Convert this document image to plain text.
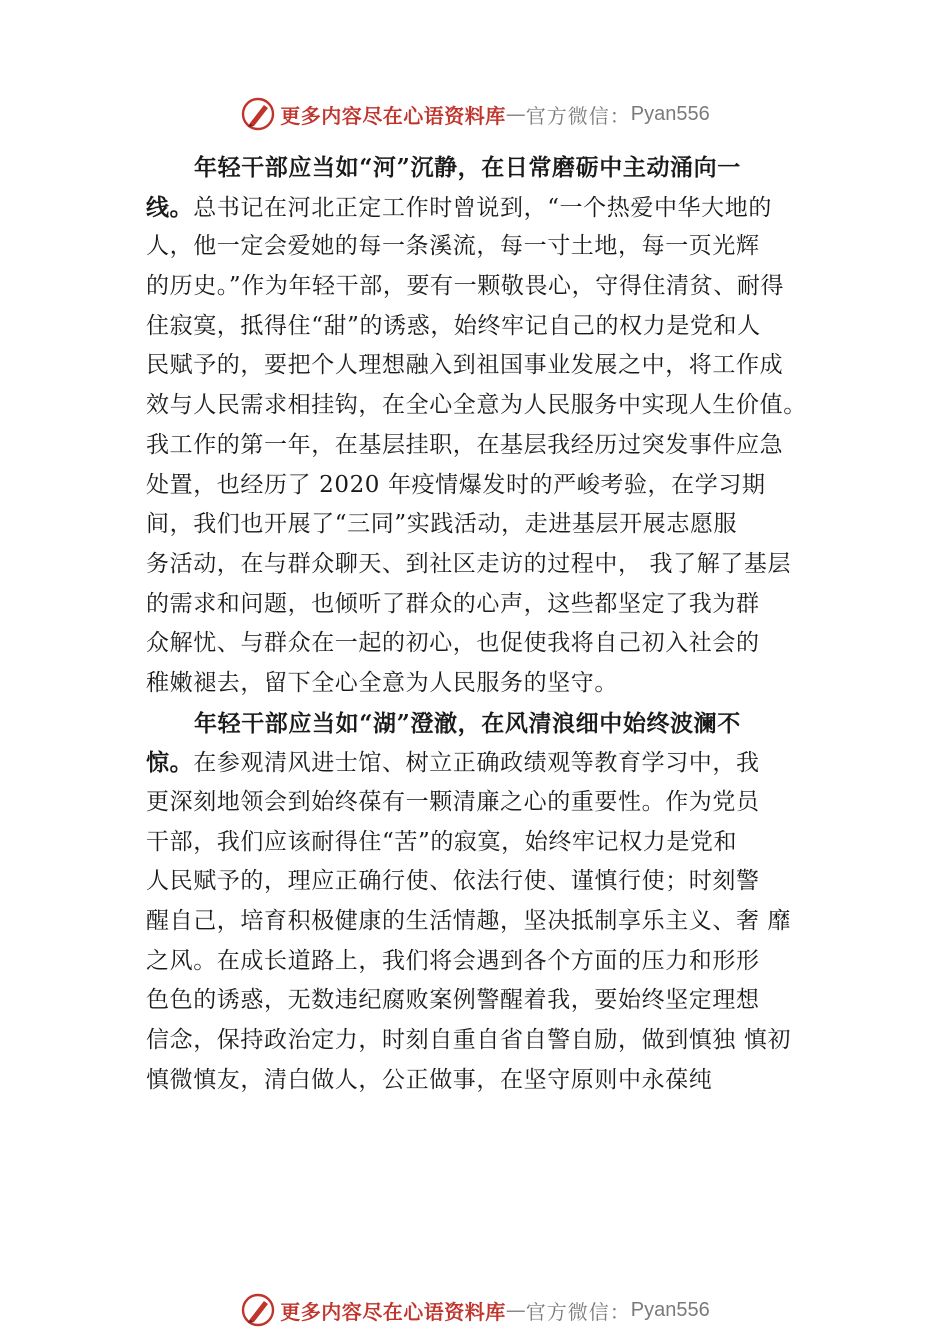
更多内容尽在心语资料库 — 官方微信： Pyan556
年轻干部应当如“河”沉静，在日常磨砺中主动涌向一
线。总书记在河北正定工作时曾说到，“一个热爱中华大地的
人，他一定会爱她的每一条溪流，每一寸土地，每一页光辉
的历史。”作为年轻干部，要有一颗敬畏心，守得住清贫、耐得
住寂寞，抵得住“甜”的诱惑，始终牢记自己的权力是党和人
民赋予的，要把个人理想融入到祖国事业发展之中，将工作成
效与人民需求相挂钩，在全心全意为人民服务中实现人生价值。
我工作的第一年，在基层挂职，在基层我经历过突发事件应急
处置，也经历了 2020 年疫情爆发时的严峻考验，在学习期
间，我们也开展了“三同”实践活动，走进基层开展志愿服
务活动，在与群众聊天、到社区走访的过程中， 我了解了基层
的需求和问题，也倾听了群众的心声，这些都坚定了我为群
众解忧、与群众在一起的初心，也促使我将自己初入社会的
稚嫩褪去，留下全心全意为人民服务的坚守。
年轻干部应当如“湖”澄澈，在风清浪细中始终波澜不
惊。在参观清风进士馆、树立正确政绩观等教育学习中，我
更深刻地领会到始终葆有一颗清廉之心的重要性。作为党员
干部，我们应该耐得住“苦”的寂寞，始终牢记权力是党和
人民赋予的，理应正确行使、依法行使、谨慎行使；时刻警
醒自己，培育积极健康的生活情趣，坚决抵制享乐主义、奢 靡
之风。在成长道路上，我们将会遇到各个方面的压力和形形
色色的诱惑，无数违纪腐败案例警醒着我，要始终坚定理想
信念，保持政治定力，时刻自重自省自警自励，做到慎独 慎初
慎微慎友，清白做人，公正做事，在坚守原则中永葆纯
更多内容尽在心语资料库 — 官方微信： Pyan556
